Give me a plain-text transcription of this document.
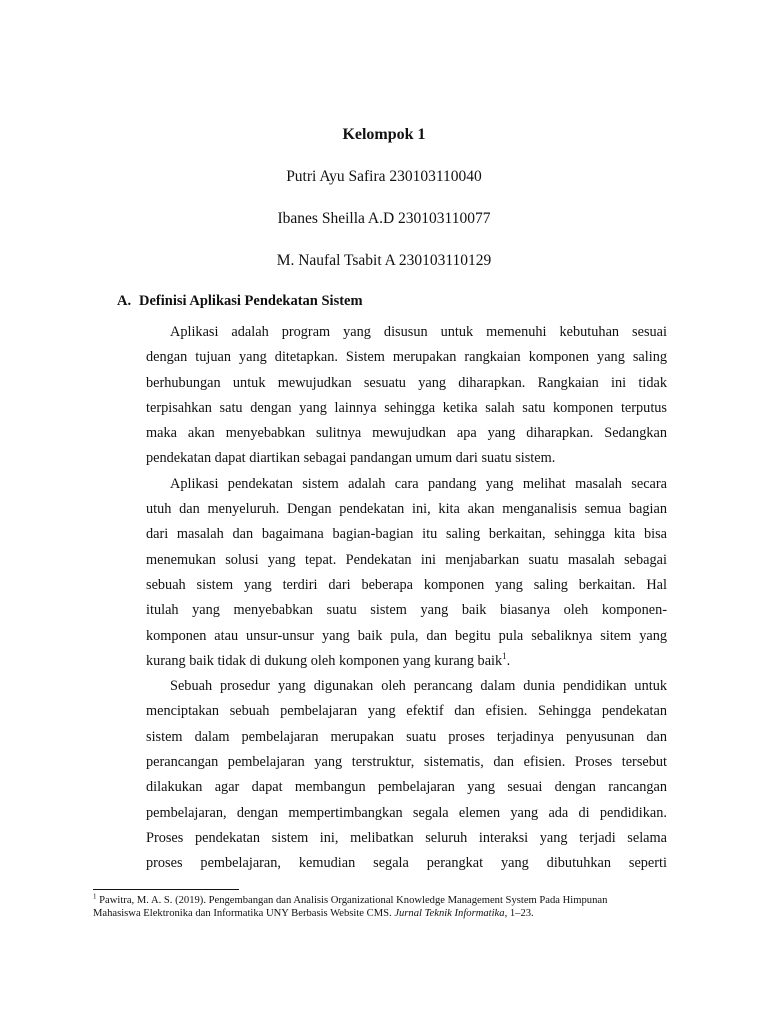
Kelompok 1
Putri Ayu Safira 230103110040
Ibanes Sheilla A.D 230103110077
M. Naufal Tsabit A 230103110129
A. Definisi Aplikasi Pendekatan Sistem
Aplikasi adalah program yang disusun untuk memenuhi kebutuhan sesuai
dengan tujuan yang ditetapkan. Sistem merupakan rangkaian komponen yang saling
berhubungan untuk mewujudkan sesuatu yang diharapkan. Rangkaian ini tidak
terpisahkan satu dengan yang lainnya sehingga ketika salah satu komponen terputus
maka akan menyebabkan sulitnya mewujudkan apa yang diharapkan. Sedangkan
pendekatan dapat diartikan sebagai pandangan umum dari suatu sistem.
Aplikasi pendekatan sistem adalah cara pandang yang melihat masalah secara
utuh dan menyeluruh. Dengan pendekatan ini, kita akan menganalisis semua bagian
dari masalah dan bagaimana bagian-bagian itu saling berkaitan, sehingga kita bisa
menemukan solusi yang tepat. Pendekatan ini menjabarkan suatu masalah sebagai
sebuah sistem yang terdiri dari beberapa komponen yang saling berkaitan. Hal
itulah yang menyebabkan suatu sistem yang baik biasanya oleh komponen-
komponen atau unsur-unsur yang baik pula, dan begitu pula sebaliknya sitem yang
kurang baik tidak di dukung oleh komponen yang kurang baik$^1$.
Sebuah prosedur yang digunakan oleh perancang dalam dunia pendidikan untuk
menciptakan sebuah pembelajaran yang efektif dan efisien. Sehingga pendekatan
sistem dalam pembelajaran merupakan suatu proses terjadinya penyusunan dan
perancangan pembelajaran yang terstruktur, sistematis, dan efisien. Proses tersebut
dilakukan agar dapat membangun pembelajaran yang sesuai dengan rancangan
pembelajaran, dengan mempertimbangkan segala elemen yang ada di pendidikan.
Proses pendekatan sistem ini, melibatkan seluruh interaksi yang terjadi selama
proses pembelajaran, kemudian segala perangkat yang dibutuhkan seperti
$^1$ Pawitra, M. A. S. (2019). Pengembangan dan Analisis Organizational Knowledge Management System Pada Himpunan
Mahasiswa Elektronika dan Informatika UNY Berbasis Website CMS. Jurnal Teknik Informatika, 1–23.
